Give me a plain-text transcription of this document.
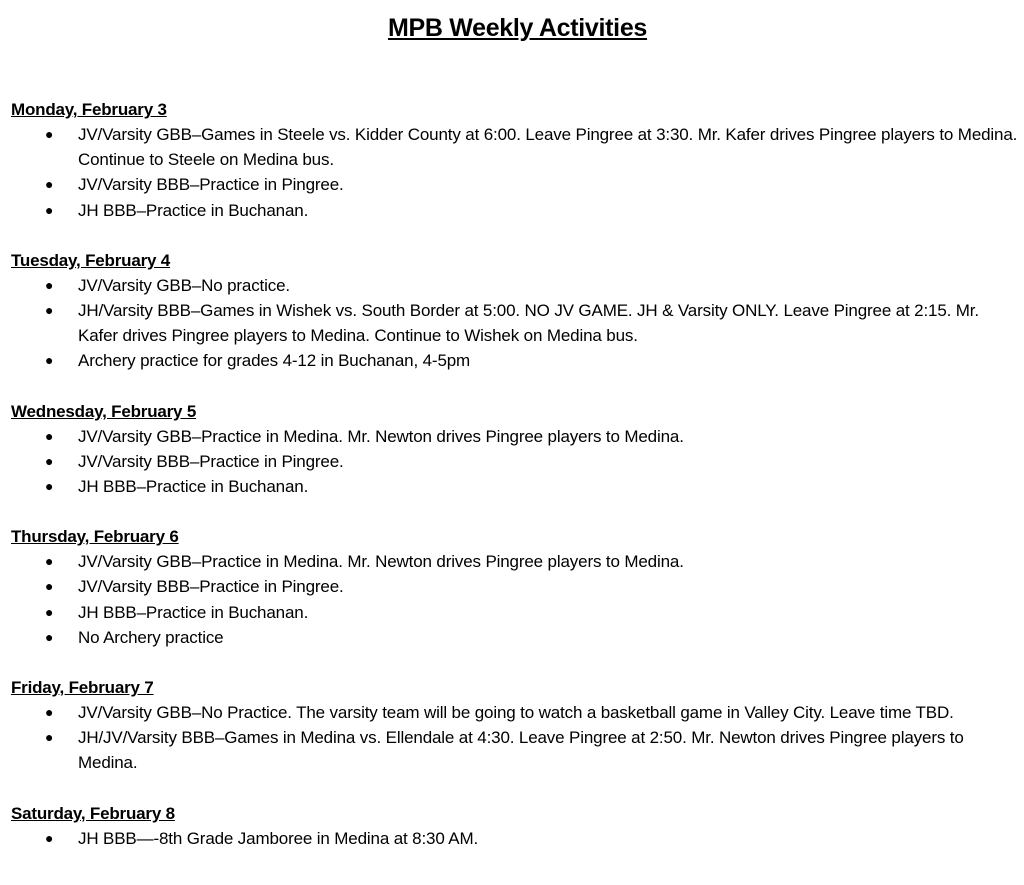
MPB Weekly Activities
Monday, February 3
● JV/Varsity GBB–Games in Steele vs. Kidder County at 6:00. Leave Pingree at 3:30. Mr. Kafer drives Pingree players to Medina. Continue to Steele on Medina bus.
● JV/Varsity BBB–Practice in Pingree.
● JH BBB–Practice in Buchanan.
Tuesday, February 4
● JV/Varsity GBB–No practice.
● JH/Varsity BBB–Games in Wishek vs. South Border at 5:00. NO JV GAME. JH & Varsity ONLY. Leave Pingree at 2:15. Mr. Kafer drives Pingree players to Medina. Continue to Wishek on Medina bus.
● Archery practice for grades 4-12 in Buchanan, 4-5pm
Wednesday, February 5
● JV/Varsity GBB–Practice in Medina. Mr. Newton drives Pingree players to Medina.
● JV/Varsity BBB–Practice in Pingree.
● JH BBB–Practice in Buchanan.
Thursday, February 6
● JV/Varsity GBB–Practice in Medina. Mr. Newton drives Pingree players to Medina.
● JV/Varsity BBB–Practice in Pingree.
● JH BBB–Practice in Buchanan.
● No Archery practice
Friday, February 7
● JV/Varsity GBB–No Practice. The varsity team will be going to watch a basketball game in Valley City. Leave time TBD.
● JH/JV/Varsity BBB–Games in Medina vs. Ellendale at 4:30. Leave Pingree at 2:50. Mr. Newton drives Pingree players to Medina.
Saturday, February 8
● JH BBB—-8th Grade Jamboree in Medina at 8:30 AM.
